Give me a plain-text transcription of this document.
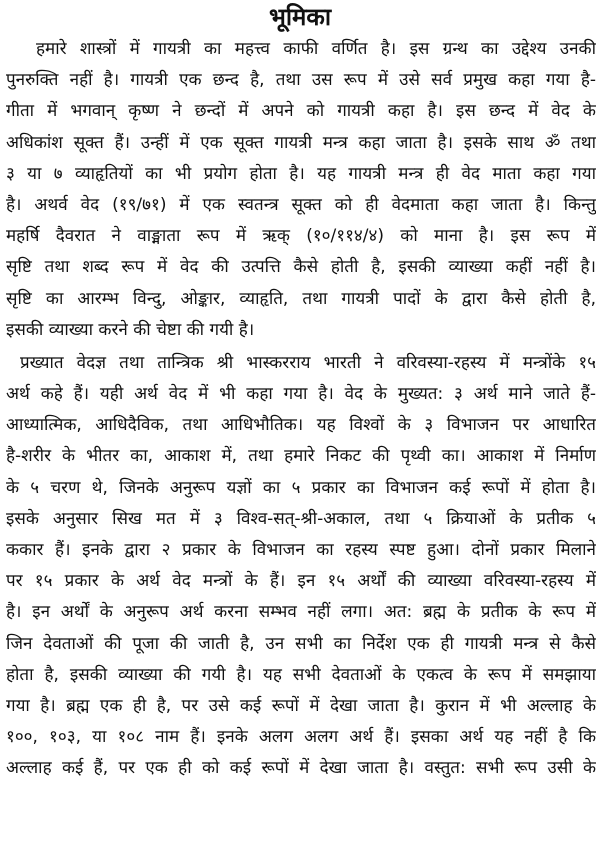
भूमिका
हमारे शास्त्रों में गायत्री का महत्त्व काफी वर्णित है। इस ग्रन्थ का उद्देश्य उनकी
पुनरुक्ति नहीं है। गायत्री एक छन्द है, तथा उस रूप में उसे सर्व प्रमुख कहा गया है-
गीता में भगवान् कृष्ण ने छन्दों में अपने को गायत्री कहा है। इस छन्द में वेद के
अधिकांश सूक्त हैं। उन्हीं में एक सूक्त गायत्री मन्त्र कहा जाता है। इसके साथ ॐ तथा
३ या ७ व्याहृतियों का भी प्रयोग होता है। यह गायत्री मन्त्र ही वेद माता कहा गया
है। अथर्व वेद (१९/७१) में एक स्वतन्त्र सूक्त को ही वेदमाता कहा जाता है। किन्तु
महर्षि दैवरात ने वाङ्माता रूप में ऋक् (१०/११४/४) को माना है। इस रूप में
सृष्टि तथा शब्द रूप में वेद की उत्पत्ति कैसे होती है, इसकी व्याख्या कहीं नहीं है।
सृष्टि का आरम्भ विन्दु, ओङ्कार, व्याहृति, तथा गायत्री पादों के द्वारा कैसे होती है,
इसकी व्याख्या करने की चेष्टा की गयी है।
प्रख्यात वेदज्ञ तथा तान्त्रिक श्री भास्करराय भारती ने वरिवस्या-रहस्य में मन्त्रोंके १५
अर्थ कहे हैं। यही अर्थ वेद में भी कहा गया है। वेद के मुख्यत: ३ अर्थ माने जाते हैं-
आध्यात्मिक, आधिदैविक, तथा आधिभौतिक। यह विश्वों के ३ विभाजन पर आधारित
है-शरीर के भीतर का, आकाश में, तथा हमारे निकट की पृथ्वी का। आकाश में निर्माण
के ५ चरण थे, जिनके अनुरूप यज्ञों का ५ प्रकार का विभाजन कई रूपों में होता है।
इसके अनुसार सिख मत में ३ विश्व-सत्-श्री-अकाल, तथा ५ क्रियाओं के प्रतीक ५
ककार हैं। इनके द्वारा २ प्रकार के विभाजन का रहस्य स्पष्ट हुआ। दोनों प्रकार मिलाने
पर १५ प्रकार के अर्थ वेद मन्त्रों के हैं। इन १५ अर्थों की व्याख्या वरिवस्या-रहस्य में
है। इन अर्थों के अनुरूप अर्थ करना सम्भव नहीं लगा। अत: ब्रह्म के प्रतीक के रूप में
जिन देवताओं की पूजा की जाती है, उन सभी का निर्देश एक ही गायत्री मन्त्र से कैसे
होता है, इसकी व्याख्या की गयी है। यह सभी देवताओं के एकत्व के रूप में समझाया
गया है। ब्रह्म एक ही है, पर उसे कई रूपों में देखा जाता है। कुरान में भी अल्लाह के
१००, १०३, या १०८ नाम हैं। इनके अलग अलग अर्थ हैं। इसका अर्थ यह नहीं है कि
अल्लाह कई हैं, पर एक ही को कई रूपों में देखा जाता है। वस्तुत: सभी रूप उसी के
